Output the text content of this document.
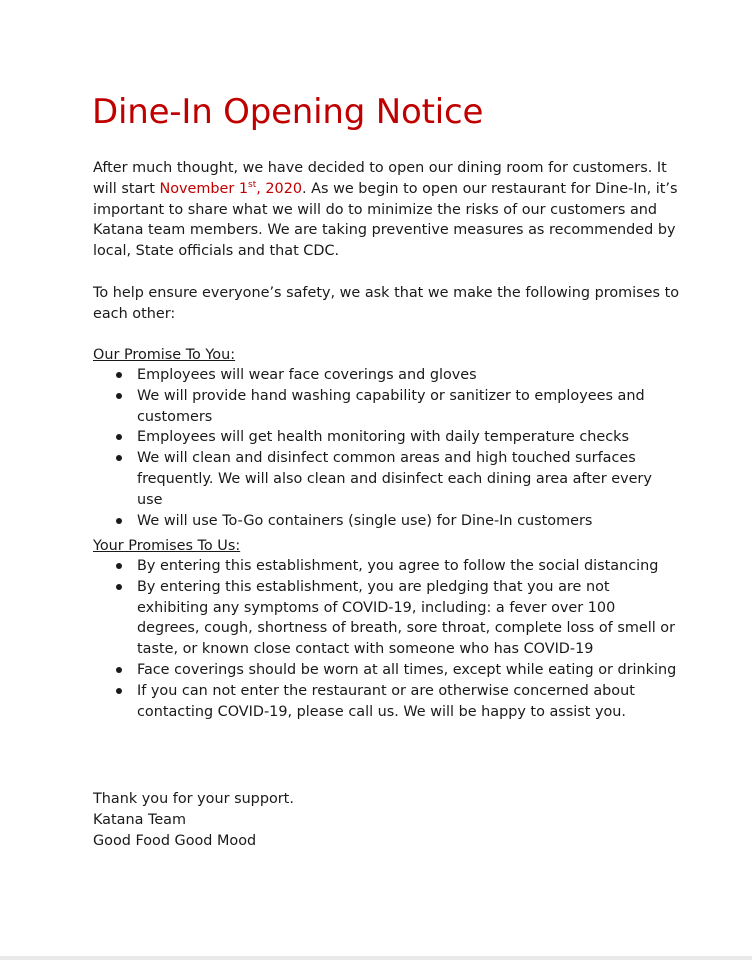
Dine-In Opening Notice

After much thought, we have decided to open our dining room for customers. It will start November 1st, 2020. As we begin to open our restaurant for Dine-In, it’s important to share what we will do to minimize the risks of our customers and Katana team members. We are taking preventive measures as recommended by local, State officials and that CDC.

To help ensure everyone’s safety, we ask that we make the following promises to each other:

Our Promise To You:

Employees will wear face coverings and gloves
We will provide hand washing capability or sanitizer to employees and customers
Employees will get health monitoring with daily temperature checks
We will clean and disinfect common areas and high touched surfaces frequently. We will also clean and disinfect each dining area after every use
We will use To-Go containers (single use) for Dine-In customers

Your Promises To Us:

By entering this establishment, you agree to follow the social distancing
By entering this establishment, you are pledging that you are not exhibiting any symptoms of COVID-19, including: a fever over 100 degrees, cough, shortness of breath, sore throat, complete loss of smell or taste, or known close contact with someone who has COVID-19
Face coverings should be worn at all times, except while eating or drinking
If you can not enter the restaurant or are otherwise concerned about contacting COVID-19, please call us. We will be happy to assist you.
Thank you for your support.
Katana Team
Good Food Good Mood
